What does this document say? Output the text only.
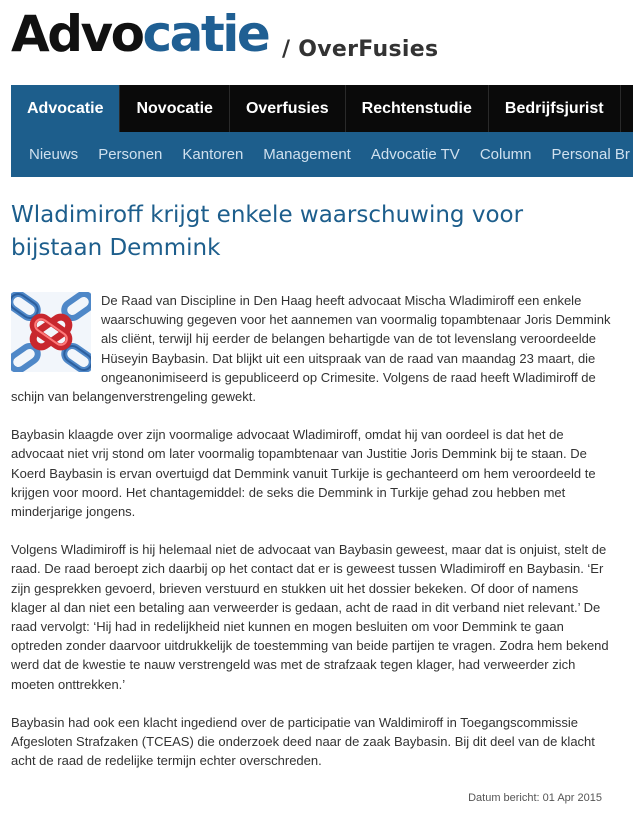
Advocatie / OverFusies
Advocatie	Novocatie	Overfusies	Rechtenstudie	Bedrijfsjurist
Nieuws	Personen	Kantoren	Management	Advocatie TV	Column	Personal Br
Wladimiroff krijgt enkele waarschuwing voor bijstaan Demmink

De Raad van Discipline in Den Haag heeft advocaat Mischa Wladimiroff een enkele waarschuwing gegeven voor het aannemen van voormalig topambtenaar Joris Demmink als cliënt, terwijl hij eerder de belangen behartigde van de tot levenslang veroordeelde Hüseyin Baybasin. Dat blijkt uit een uitspraak van de raad van maandag 23 maart, die ongeanonimiseerd is gepubliceerd op Crimesite. Volgens de raad heeft Wladimiroff de schijn van belangenverstrengeling gewekt.

Baybasin klaagde over zijn voormalige advocaat Wladimiroff, omdat hij van oordeel is dat het de advocaat niet vrij stond om later voormalig topambtenaar van Justitie Joris Demmink bij te staan. De Koerd Baybasin is ervan overtuigd dat Demmink vanuit Turkije is gechanteerd om hem veroordeeld te krijgen voor moord. Het chantagemiddel: de seks die Demmink in Turkije gehad zou hebben met minderjarige jongens.

Volgens Wladimiroff is hij helemaal niet de advocaat van Baybasin geweest, maar dat is onjuist, stelt de raad. De raad beroept zich daarbij op het contact dat er is geweest tussen Wladimiroff en Baybasin. ‘Er zijn gesprekken gevoerd, brieven verstuurd en stukken uit het dossier bekeken. Of door of namens klager al dan niet een betaling aan verweerder is gedaan, acht de raad in dit verband niet relevant.’ De raad vervolgt: ‘Hij had in redelijkheid niet kunnen en mogen besluiten om voor Demmink te gaan optreden zonder daarvoor uitdrukkelijk de toestemming van beide partijen te vragen. Zodra hem bekend werd dat de kwestie te nauw verstrengeld was met de strafzaak tegen klager, had verweerder zich moeten onttrekken.’

Baybasin had ook een klacht ingediend over de participatie van Waldimiroff in Toegangscommissie Afgesloten Strafzaken (TCEAS) die onderzoek deed naar de zaak Baybasin. Bij dit deel van de klacht acht de raad de redelijke termijn echter overschreden.

Datum bericht: 01 Apr 2015
